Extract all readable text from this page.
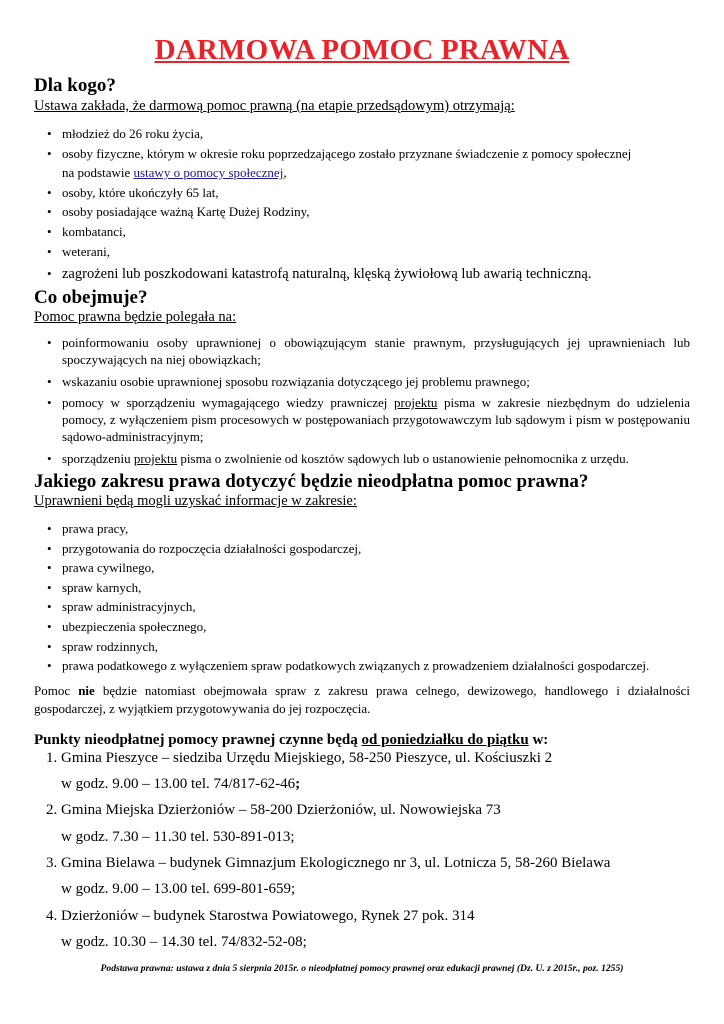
DARMOWA POMOC PRAWNA
Dla kogo?
Ustawa zakłada, że darmową pomoc prawną (na etapie przedsądowym) otrzymają:
• młodzież do 26 roku życia,
• osoby fizyczne, którym w okresie roku poprzedzającego zostało przyznane świadczenie z pomocy społecznej
na podstawie ustawy o pomocy społecznej,
• osoby, które ukończyły 65 lat,
• osoby posiadające ważną Kartę Dużej Rodziny,
• kombatanci,
• weterani,
• zagrożeni lub poszkodowani katastrofą naturalną, klęską żywiołową lub awarią techniczną.
Co obejmuje?
Pomoc prawna będzie polegała na:
• poinformowaniu osoby uprawnionej o obowiązującym stanie prawnym, przysługujących jej uprawnieniach lub spoczywających na niej obowiązkach;
• wskazaniu osobie uprawnionej sposobu rozwiązania dotyczącego jej problemu prawnego;
• pomocy w sporządzeniu wymagającego wiedzy prawniczej projektu pisma w zakresie niezbędnym do udzielenia pomocy, z wyłączeniem pism procesowych w postępowaniach przygotowawczym lub sądowym i pism w postępowaniu sądowo-administracyjnym;
• sporządzeniu projektu pisma o zwolnienie od kosztów sądowych lub o ustanowienie pełnomocnika z urzędu.
Jakiego zakresu prawa dotyczyć będzie nieodpłatna pomoc prawna?
Uprawnieni będą mogli uzyskać informacje w zakresie:
• prawa pracy,
• przygotowania do rozpoczęcia działalności gospodarczej,
• prawa cywilnego,
• spraw karnych,
• spraw administracyjnych,
• ubezpieczenia społecznego,
• spraw rodzinnych,
• prawa podatkowego z wyłączeniem spraw podatkowych związanych z prowadzeniem działalności gospodarczej.
Pomoc nie będzie natomiast obejmowała spraw z zakresu prawa celnego, dewizowego, handlowego i działalności gospodarczej, z wyjątkiem przygotowywania do jej rozpoczęcia.
Punkty nieodpłatnej pomocy prawnej czynne będą od poniedziałku do piątku w:
1. Gmina Pieszyce – siedziba Urzędu Miejskiego, 58-250 Pieszyce, ul. Kościuszki 2
w godz. 9.00 – 13.00 tel. 74/817-62-46;
2. Gmina Miejska Dzierżoniów – 58-200 Dzierżoniów, ul. Nowowiejska 73
w godz. 7.30 – 11.30 tel. 530-891-013;
3. Gmina Bielawa – budynek Gimnazjum Ekologicznego nr 3, ul. Lotnicza 5, 58-260 Bielawa
w godz. 9.00 – 13.00 tel. 699-801-659;
4. Dzierżoniów – budynek Starostwa Powiatowego, Rynek 27 pok. 314
w godz. 10.30 – 14.30 tel. 74/832-52-08;
Podstawa prawna: ustawa z dnia 5 sierpnia 2015r. o nieodpłatnej pomocy prawnej oraz edukacji prawnej (Dz. U. z 2015r., poz. 1255)
